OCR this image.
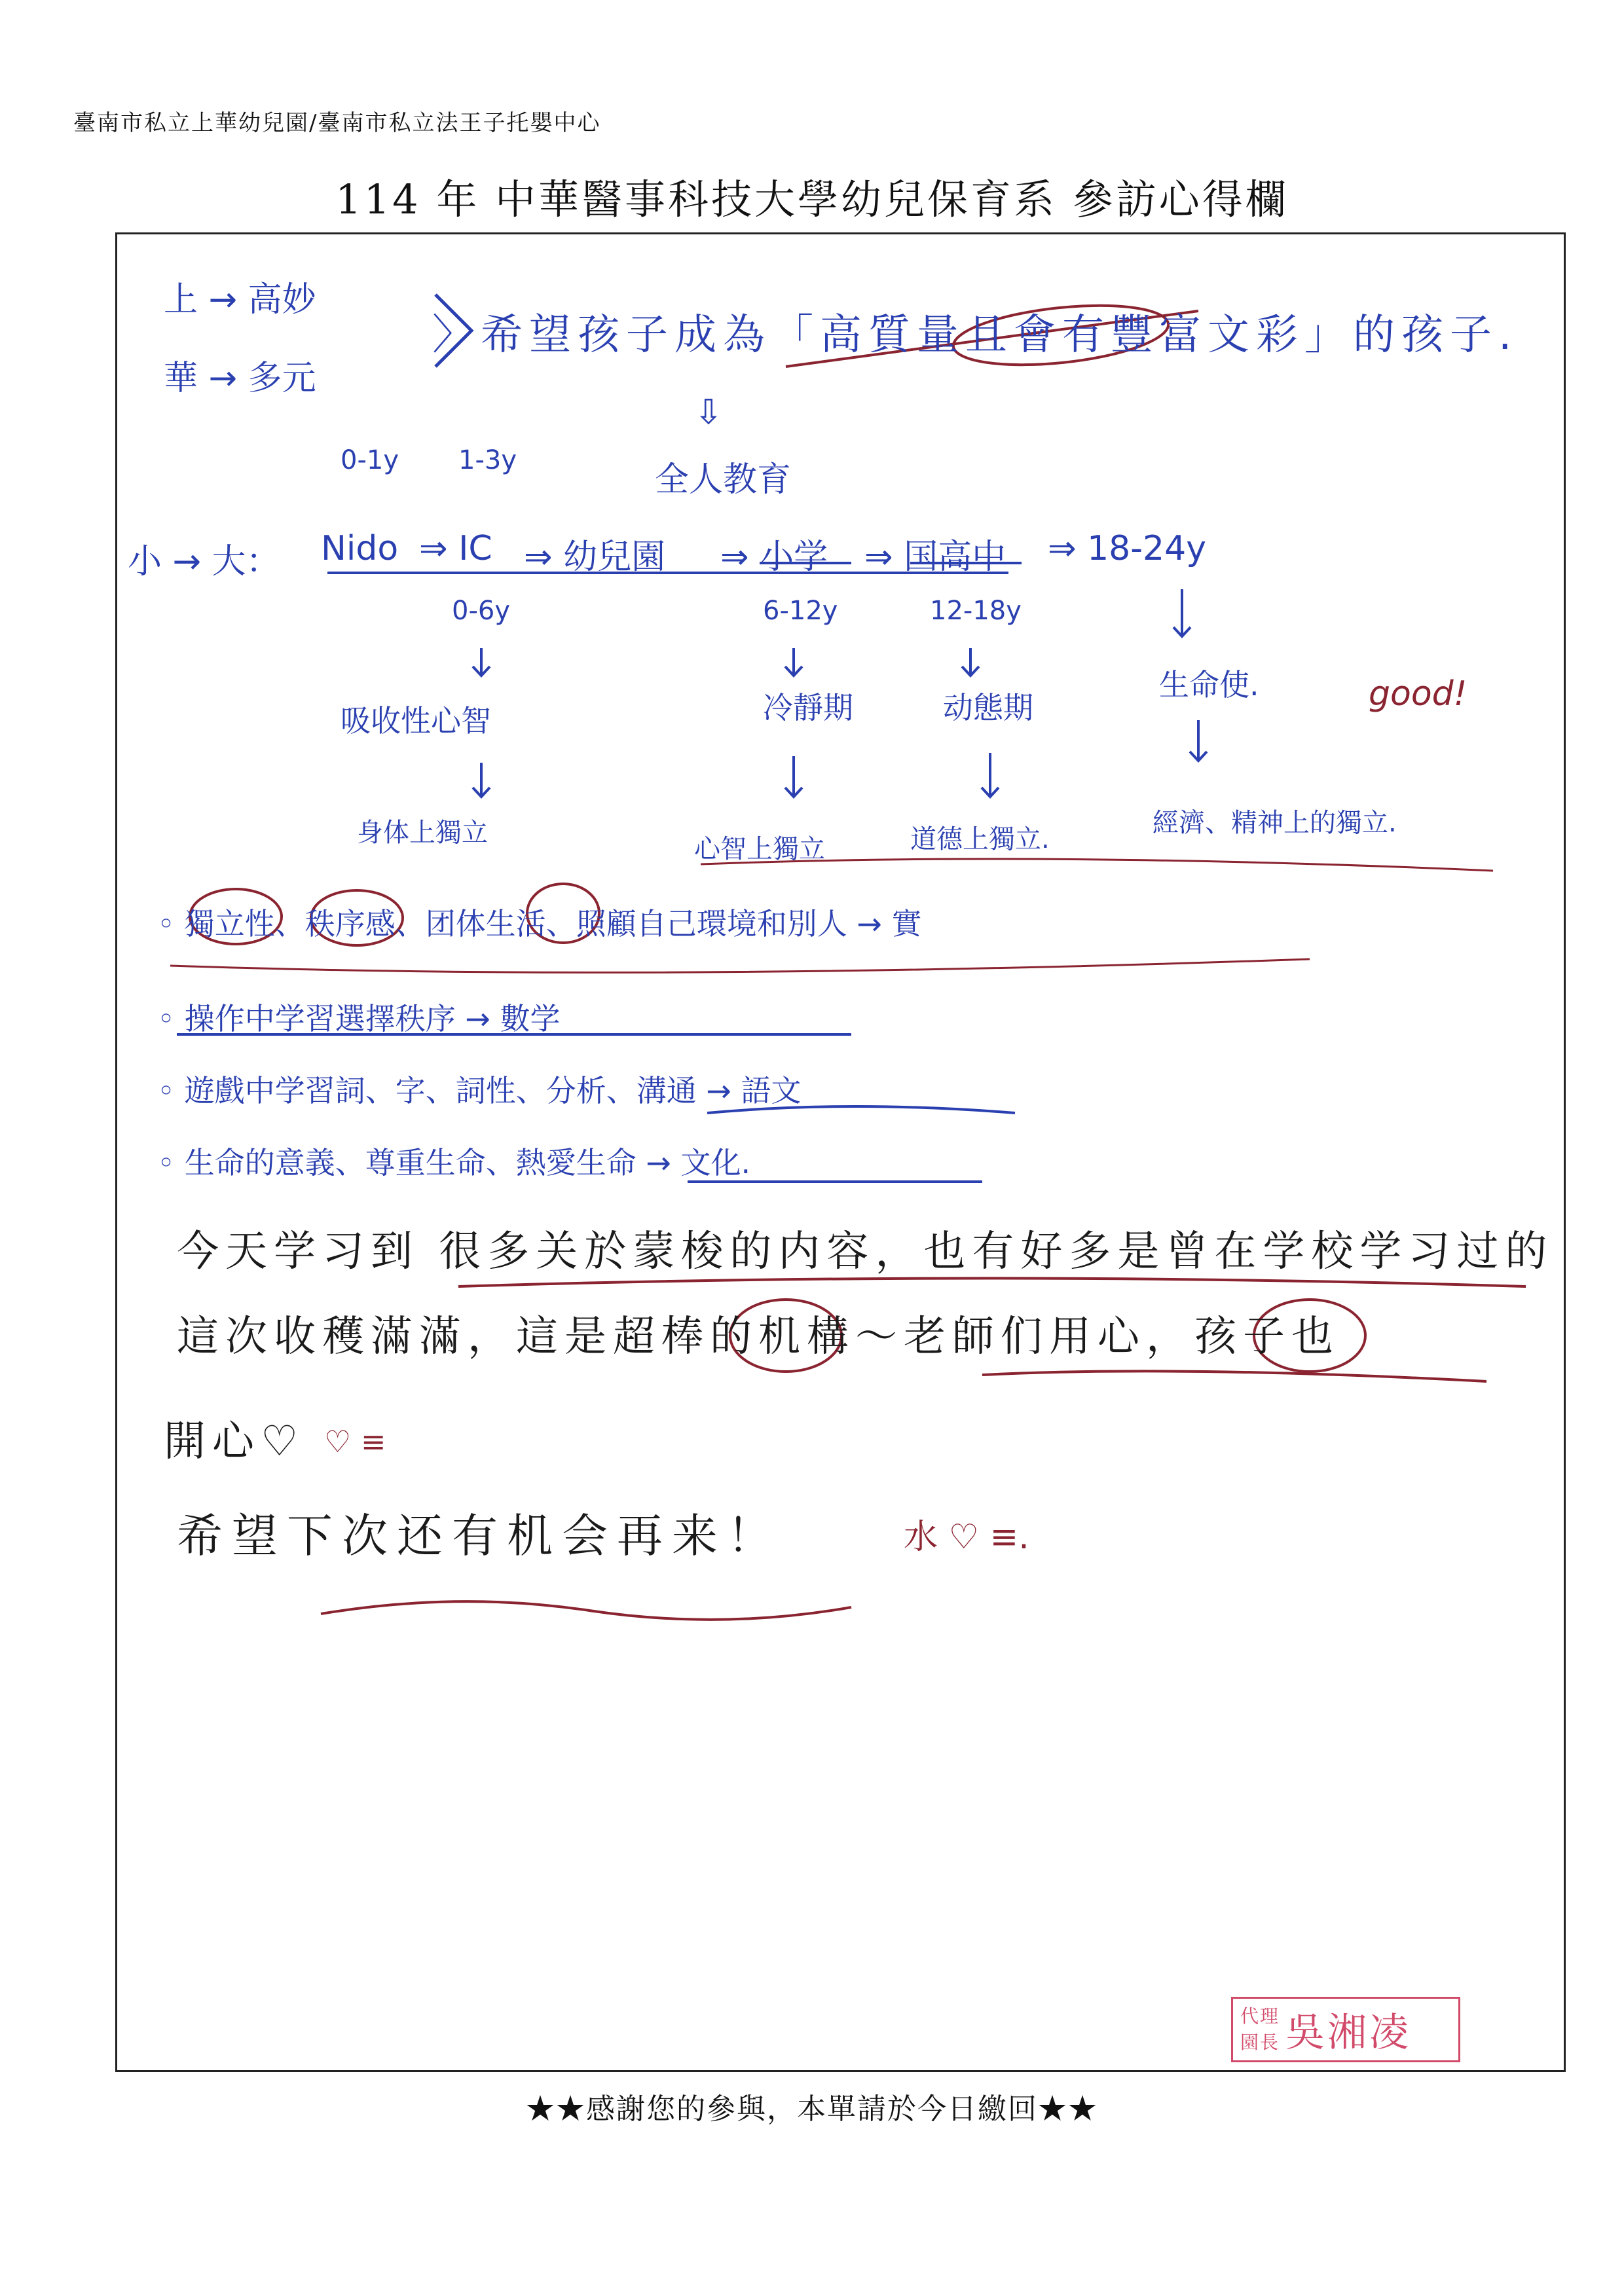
臺南市私立上華幼兒園/臺南市私立法王子托嬰中心
114 年 中華醫事科技大學幼兒保育系 參訪心得欄
上 → 高妙
華 → 多元
〉希望孩子成為「高質量且會有豐富文彩」的孩子.
⇩
全人教育
0-1y 1-3y
小 → 大： Nido ⇒ IC ⇒ 幼兒園 ⇒ 小学 ⇒ 国高中 ⇒ 18-24y
0-6y	6-12y	12-18y
吸收性心智	冷靜期	动態期
生命使.	good!
身体上獨立
心智上獨立	道德上獨立.
經濟、精神上的獨立.
◦ 獨立性、秩序感、团体生活、照顧自己環境和別人 → 實
◦ 操作中学習選擇秩序 → 數学
◦ 遊戲中学習詞、字、詞性、分析、溝通 → 語文
◦ 生命的意義、尊重生命、熱愛生命 → 文化.
今天学习到 很多关於蒙梭的内容，也有好多是曾在学校学习过的
這次收穫滿滿，這是超棒的机構～老師们用心，孩子也
開心♡ ♡ ≡
希望下次还有机会再来！	水 ♡ ≡.
代 理
園 長 吳湘凌
★★感謝您的參與，本單請於今日繳回★★
